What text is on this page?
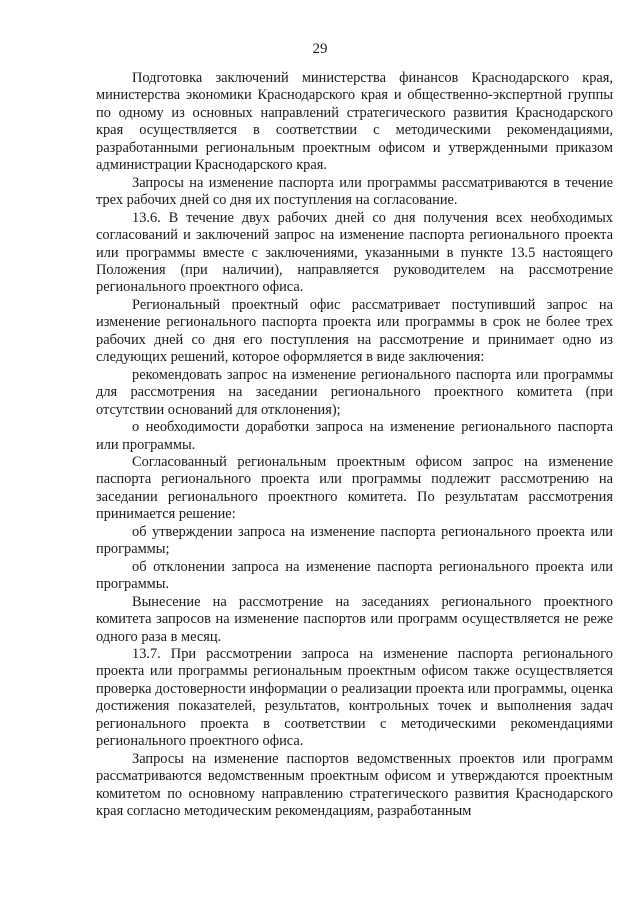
29

Подготовка заключений министерства финансов Краснодарского края, министерства экономики Краснодарского края и общественно-экспертной группы по одному из основных направлений стратегического развития Краснодарского края осуществляется в соответствии с методическими рекомендациями, разработанными региональным проектным офисом и утвержденными приказом администрации Краснодарского края.

Запросы на изменение паспорта или программы рассматриваются в течение трех рабочих дней со дня их поступления на согласование.

13.6. В течение двух рабочих дней со дня получения всех необходимых согласований и заключений запрос на изменение паспорта регионального проекта или программы вместе с заключениями, указанными в пункте 13.5 настоящего Положения (при наличии), направляется руководителем на рассмотрение регионального проектного офиса.

Региональный проектный офис рассматривает поступивший запрос на изменение регионального паспорта проекта или программы в срок не более трех рабочих дней со дня его поступления на рассмотрение и принимает одно из следующих решений, которое оформляется в виде заключения:

рекомендовать запрос на изменение регионального паспорта или программы для рассмотрения на заседании регионального проектного комитета (при отсутствии оснований для отклонения);

о необходимости доработки запроса на изменение регионального паспорта или программы.

Согласованный региональным проектным офисом запрос на изменение паспорта регионального проекта или программы подлежит рассмотрению на заседании регионального проектного комитета. По результатам рассмотрения принимается решение:

об утверждении запроса на изменение паспорта регионального проекта или программы;

об отклонении запроса на изменение паспорта регионального проекта или программы.

Вынесение на рассмотрение на заседаниях регионального проектного комитета запросов на изменение паспортов или программ осуществляется не реже одного раза в месяц.

13.7. При рассмотрении запроса на изменение паспорта регионального проекта или программы региональным проектным офисом также осуществляется проверка достоверности информации о реализации проекта или программы, оценка достижения показателей, результатов, контрольных точек и выполнения задач регионального проекта в соответствии с методическими рекомендациями регионального проектного офиса.

Запросы на изменение паспортов ведомственных проектов или программ рассматриваются ведомственным проектным офисом и утверждаются проектным комитетом по основному направлению стратегического развития Краснодарского края согласно методическим рекомендациям, разработанным
